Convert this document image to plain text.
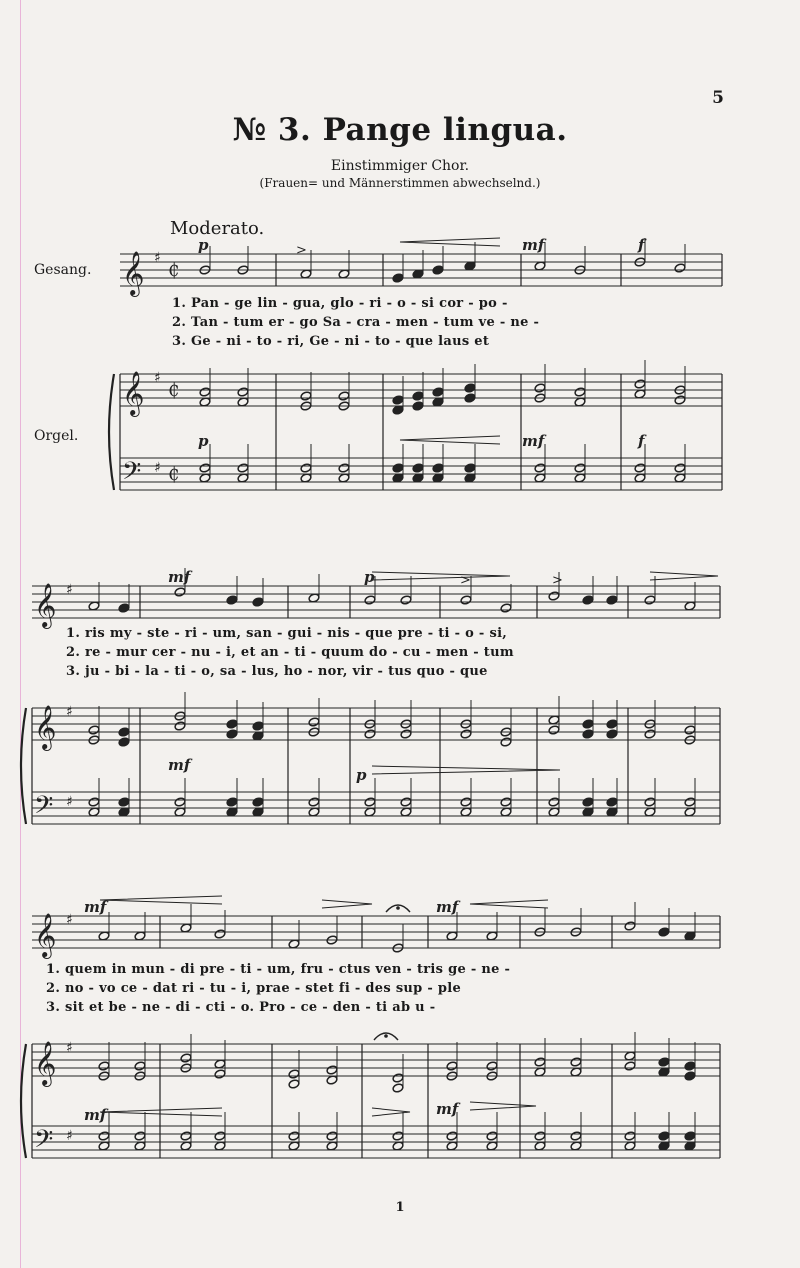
5
№ 3. Pange lingua.
Einstimmiger Chor.
(Frauen= und Männerstimmen abwechselnd.)
Moderato.
Gesang.
Orgel.
1. Pan - ge lin - gua, glo - ri - o - si cor - po -
2. Tan - tum er - go Sa - cra - men - tum ve - ne -
3. Ge - ni - to - ri, Ge - ni - to - que laus et
1. ris my - ste - ri - um, san - gui - nis - que pre - ti - o - si,
2. re - mur cer - nu - i, et an - ti - quum do - cu - men - tum
3. ju - bi - la - ti - o, sa - lus, ho - nor, vir - tus quo - que
1. quem in mun - di pre - ti - um, fru - ctus ven - tris ge - ne -
2. no - vo ce - dat ri - tu - i, prae - stet fi - des sup - ple
3. sit et be - ne - di - cti - o. Pro - ce - den - ti ab u -
1
𝄞
𝄞
𝄢
p
p
mf
mf
f
f
>
𝄞
𝄞
𝄢
mf
mf
p
p
>	>
𝄞
𝄞
𝄢
mf
mf
mf
mf
♯
♯
♯
♯
♯
♯
♯
♯
♯
₵
₵
₵
